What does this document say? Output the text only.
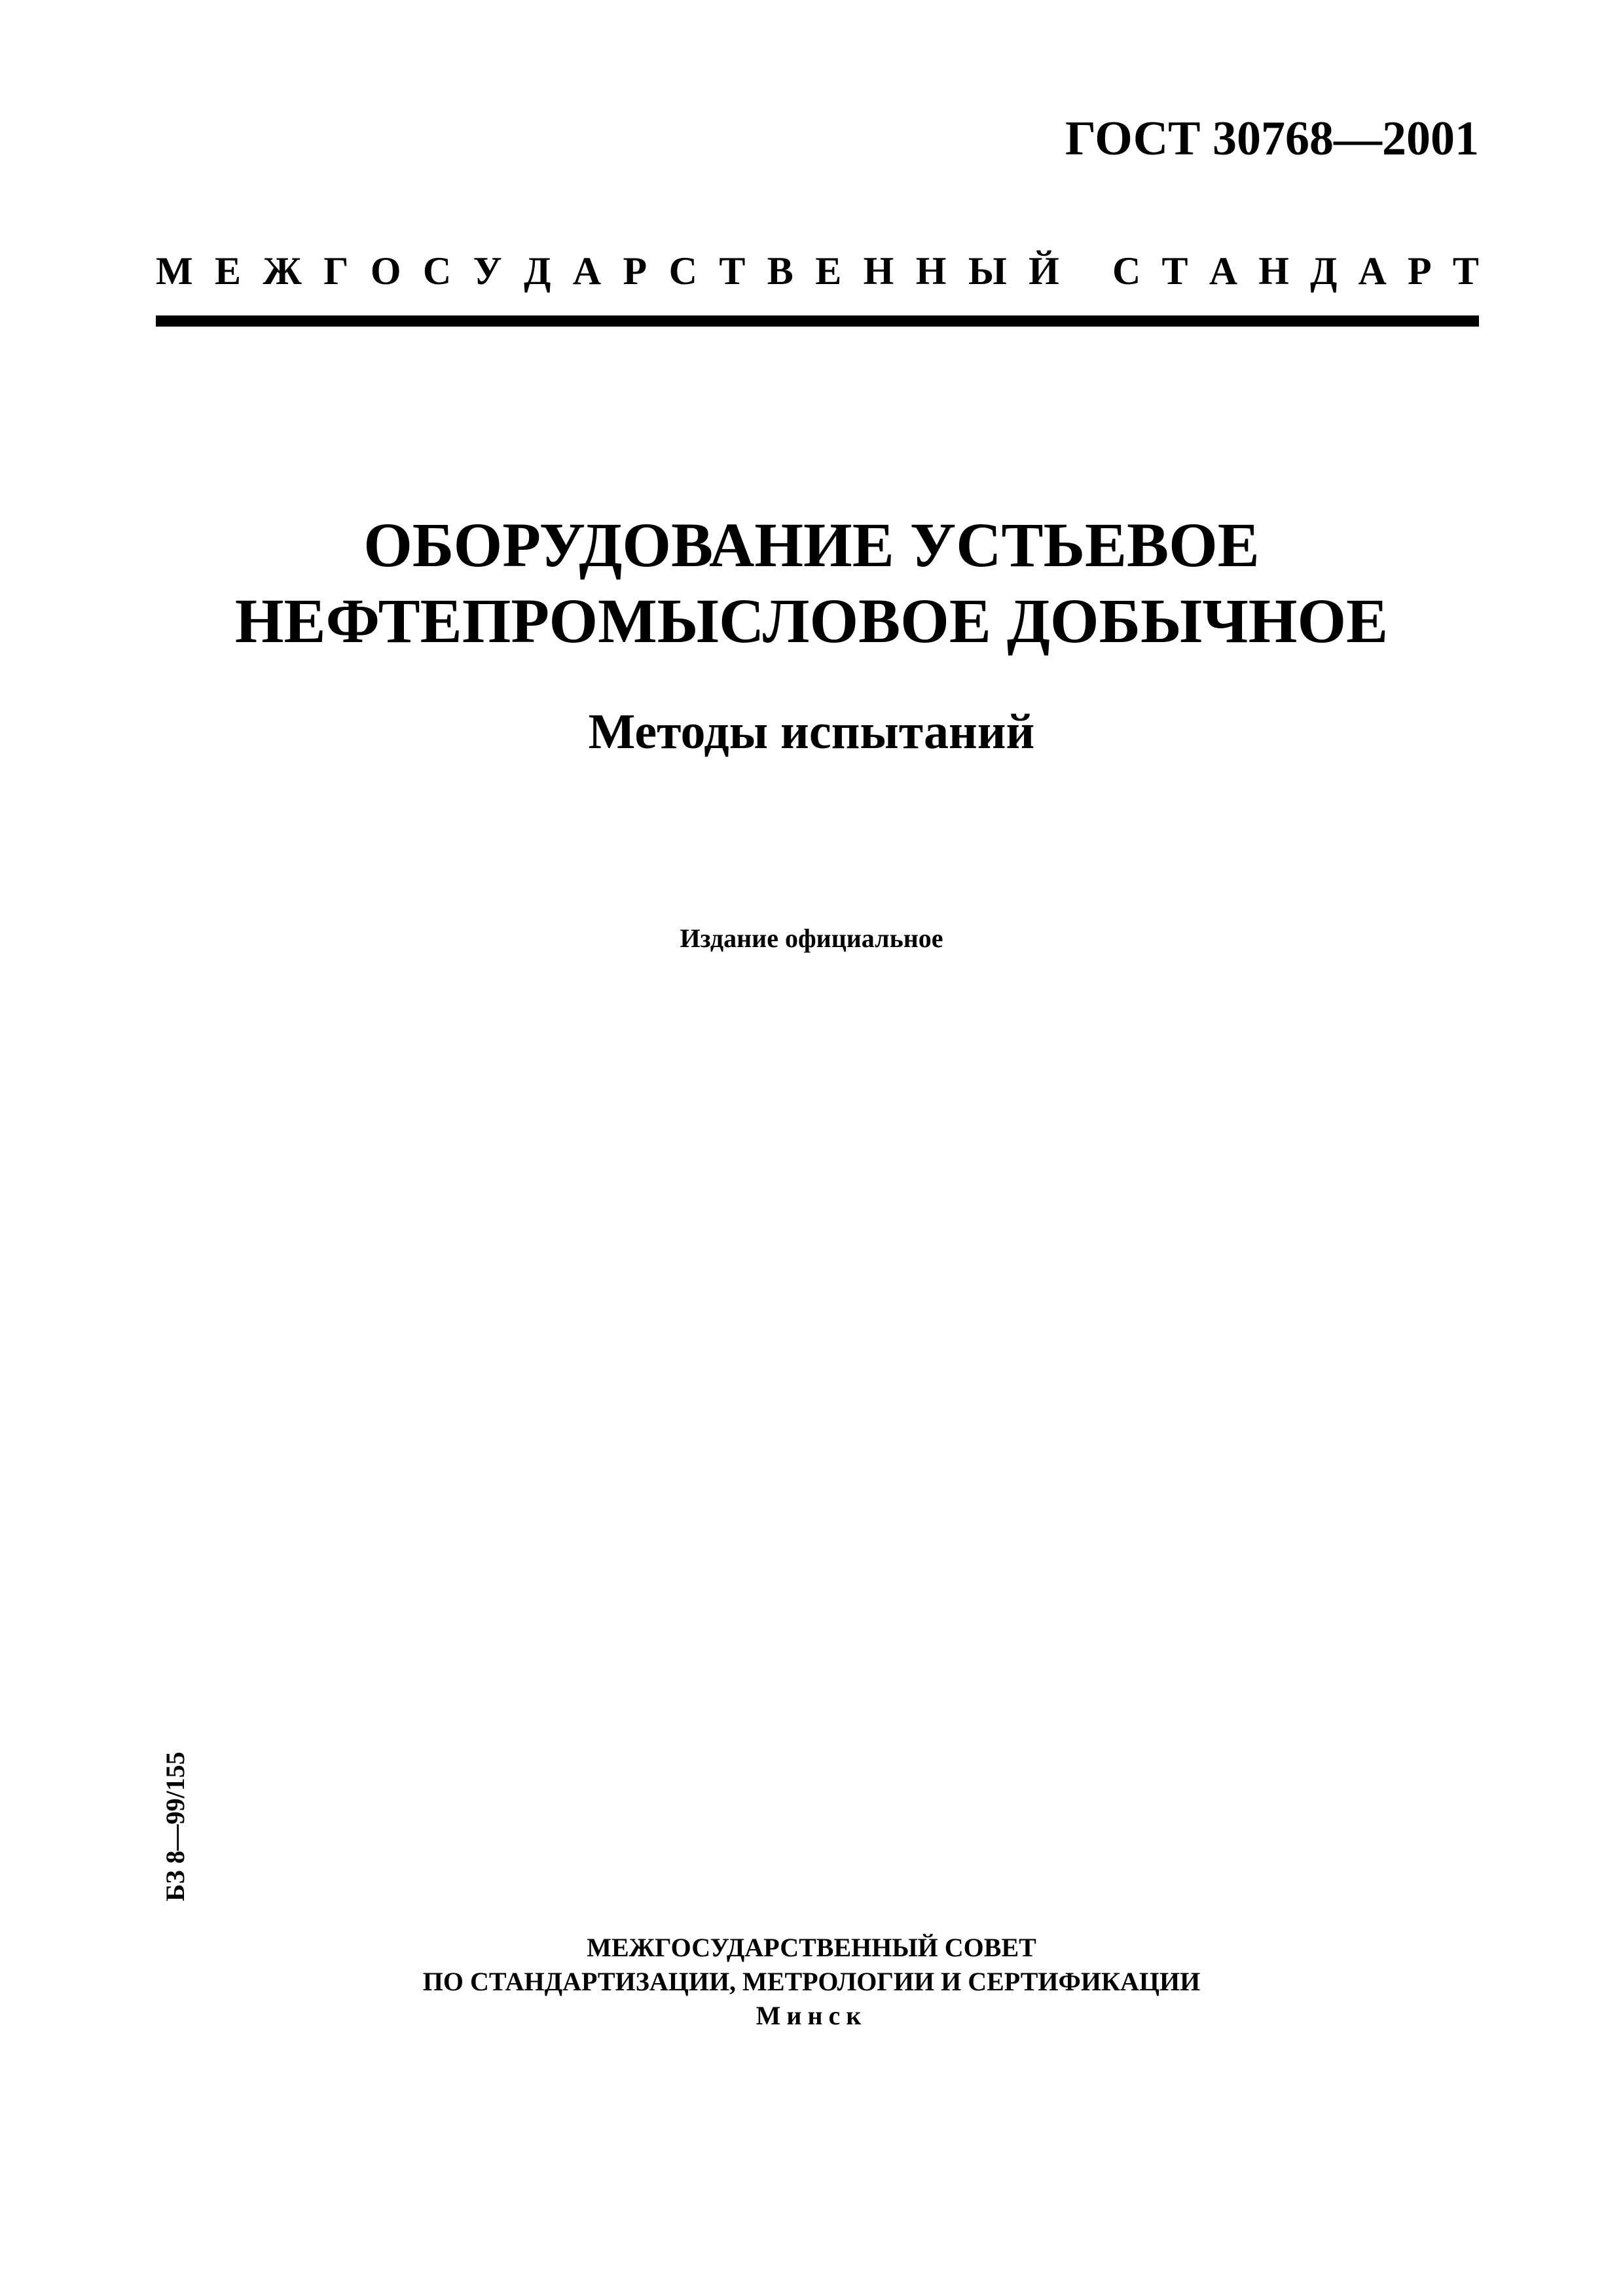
ГОСТ 30768—2001
М Е Ж Г О С У Д А Р С Т В Е Н Н Ы Й С Т А Н Д А Р Т
ОБОРУДОВАНИЕ УСТЬЕВОЕ
НЕФТЕПРОМЫСЛОВОЕ ДОБЫЧНОЕ
Методы испытаний
Издание официальное
БЗ 8—99/155
МЕЖГОСУДАРСТВЕННЫЙ СОВЕТ
ПО СТАНДАРТИЗАЦИИ, МЕТРОЛОГИИ И СЕРТИФИКАЦИИ
Минск
